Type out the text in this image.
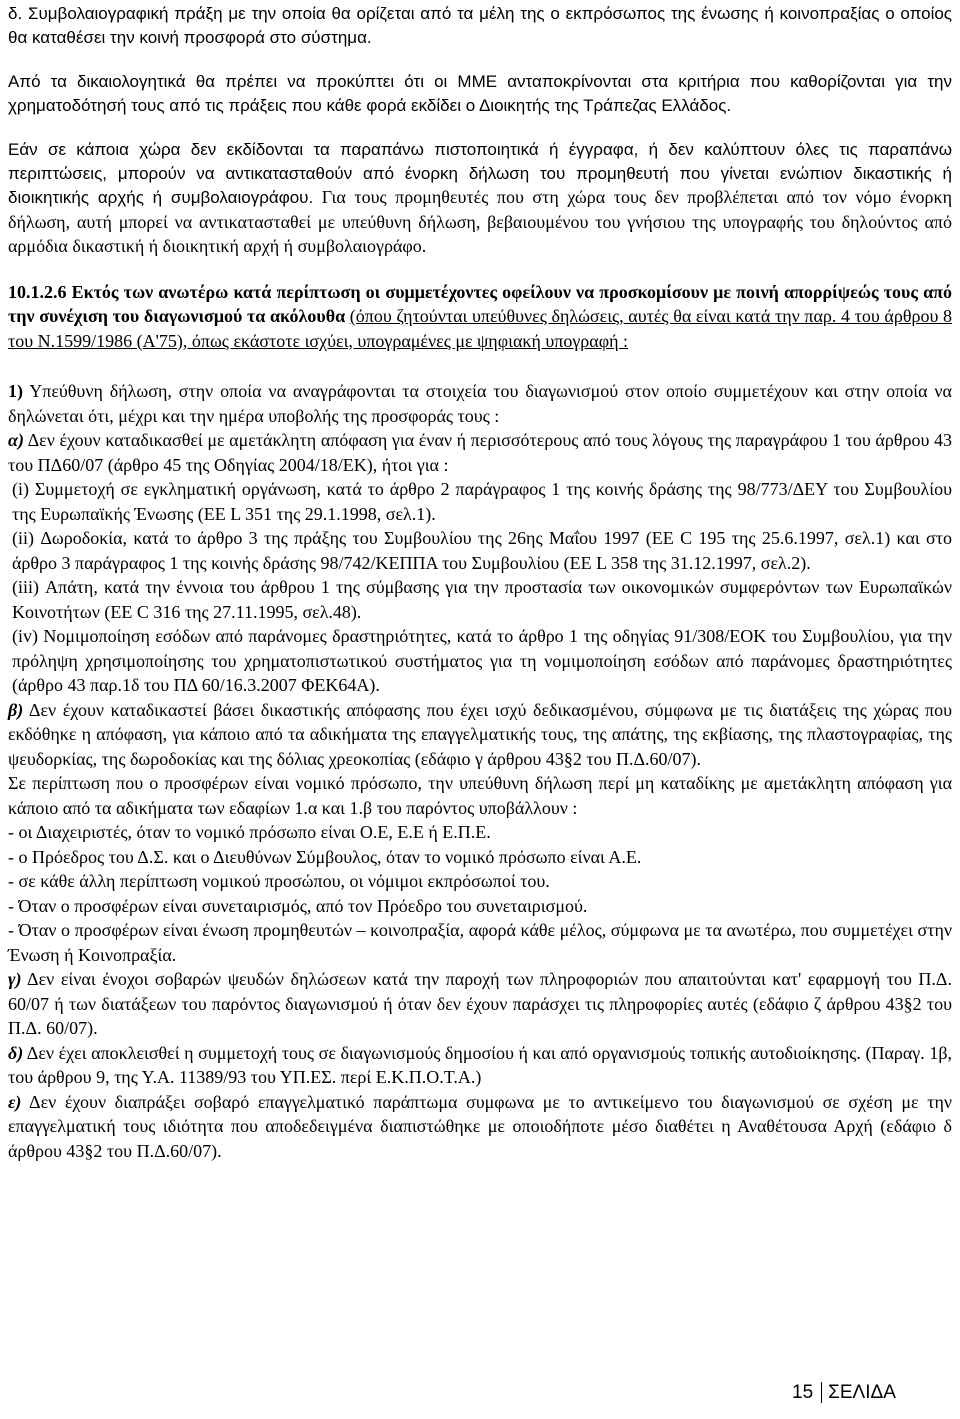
δ. Συμβολαιογραφική πράξη με την οποία θα ορίζεται από τα μέλη της ο εκπρόσωπος της ένωσης ή κοινοπραξίας ο οποίος θα καταθέσει την κοινή προσφορά στο σύστημα.

Από τα δικαιολογητικά θα πρέπει να προκύπτει ότι οι ΜΜΕ ανταποκρίνονται στα κριτήρια που καθορίζονται για την χρηματοδότησή τους από τις πράξεις που κάθε φορά εκδίδει ο Διοικητής της Τράπεζας Ελλάδος.

Εάν σε κάποια χώρα δεν εκδίδονται τα παραπάνω πιστοποιητικά ή έγγραφα, ή δεν καλύπτουν όλες τις παραπάνω περιπτώσεις, μπορούν να αντικατασταθούν από ένορκη δήλωση του προμηθευτή που γίνεται ενώπιον δικαστικής ή διοικητικής αρχής ή συμβολαιογράφου. Για τους προμηθευτές που στη χώρα τους δεν προβλέπεται από τον νόμο ένορκη δήλωση, αυτή μπορεί να αντικατασταθεί με υπεύθυνη δήλωση, βεβαιουμένου του γνήσιου της υπογραφής του δηλούντος από αρμόδια δικαστική ή διοικητική αρχή ή συμβολαιογράφο.

10.1.2.6 Εκτός των ανωτέρω κατά περίπτωση οι συμμετέχοντες οφείλουν να προσκομίσουν με ποινή απορρίψεώς τους από την συνέχιση του διαγωνισμού τα ακόλουθα (όπου ζητούνται υπεύθυνες δηλώσεις, αυτές θα είναι κατά την παρ. 4 του άρθρου 8 του Ν.1599/1986 (Α'75), όπως εκάστοτε ισχύει, υπογραμένες με ψηφιακή υπογραφή :

1) Υπεύθυνη δήλωση, στην οποία να αναγράφονται τα στοιχεία του διαγωνισμού στον οποίο συμμετέχουν και στην οποία να δηλώνεται ότι, μέχρι και την ημέρα υποβολής της προσφοράς τους :

α) Δεν έχουν καταδικασθεί με αμετάκλητη απόφαση για έναν ή περισσότερους από τους λόγους της παραγράφου 1 του άρθρου 43 του ΠΔ60/07 (άρθρο 45 της Οδηγίας 2004/18/ΕΚ), ήτοι για :

(i) Συμμετοχή σε εγκληματική οργάνωση, κατά το άρθρο 2 παράγραφος 1 της κοινής δράσης της 98/773/ΔΕΥ του Συμβουλίου της Ευρωπαϊκής Ένωσης (ΕΕ L 351 της 29.1.1998, σελ.1).

(ii) Δωροδοκία, κατά το άρθρο 3 της πράξης του Συμβουλίου της 26ης Μαΐου 1997 (ΕΕ C 195 της 25.6.1997, σελ.1) και στο άρθρο 3 παράγραφος 1 της κοινής δράσης 98/742/ΚΕΠΠΑ του Συμβουλίου (ΕΕ L 358 της 31.12.1997, σελ.2).

(iii) Απάτη, κατά την έννοια του άρθρου 1 της σύμβασης για την προστασία των οικονομικών συμφερόντων των Ευρωπαϊκών Κοινοτήτων (ΕΕ C 316 της 27.11.1995, σελ.48).

(iv) Νομιμοποίηση εσόδων από παράνομες δραστηριότητες, κατά το άρθρο 1 της οδηγίας 91/308/ΕΟΚ του Συμβουλίου, για την πρόληψη χρησιμοποίησης του χρηματοπιστωτικού συστήματος για τη νομιμοποίηση εσόδων από παράνομες δραστηριότητες (άρθρο 43 παρ.1δ του ΠΔ 60/16.3.2007 ΦΕΚ64Α).

β) Δεν έχουν καταδικαστεί βάσει δικαστικής απόφασης που έχει ισχύ δεδικασμένου, σύμφωνα με τις διατάξεις της χώρας που εκδόθηκε η απόφαση, για κάποιο από τα αδικήματα της επαγγελματικής τους, της απάτης, της εκβίασης, της πλαστογραφίας, της ψευδορκίας, της δωροδοκίας και της δόλιας χρεοκοπίας (εδάφιο γ άρθρου 43§2 του Π.Δ.60/07).

Σε περίπτωση που ο προσφέρων είναι νομικό πρόσωπο, την υπεύθυνη δήλωση περί μη καταδίκης με αμετάκλητη απόφαση για κάποιο από τα αδικήματα των εδαφίων 1.α και 1.β του παρόντος υποβάλλουν :

- οι Διαχειριστές, όταν το νομικό πρόσωπο είναι Ο.Ε, Ε.Ε ή Ε.Π.Ε.

- ο Πρόεδρος του Δ.Σ. και ο Διευθύνων Σύμβουλος, όταν το νομικό πρόσωπο είναι Α.Ε.

- σε κάθε άλλη περίπτωση νομικού προσώπου, οι νόμιμοι εκπρόσωποί του.

- Όταν ο προσφέρων είναι συνεταιρισμός, από τον Πρόεδρο του συνεταιρισμού.

- Όταν ο προσφέρων είναι ένωση προμηθευτών – κοινοπραξία, αφορά κάθε μέλος, σύμφωνα με τα ανωτέρω, που συμμετέχει στην Ένωση ή Κοινοπραξία.

γ) Δεν είναι ένοχοι σοβαρών ψευδών δηλώσεων κατά την παροχή των πληροφοριών που απαιτούνται κατ' εφαρμογή του Π.Δ. 60/07 ή των διατάξεων του παρόντος διαγωνισμού ή όταν δεν έχουν παράσχει τις πληροφορίες αυτές (εδάφιο ζ άρθρου 43§2 του Π.Δ. 60/07).

δ) Δεν έχει αποκλεισθεί η συμμετοχή τους σε διαγωνισμούς δημοσίου ή και από οργανισμούς τοπικής αυτοδιοίκησης. (Παραγ. 1β, του άρθρου 9, της Υ.Α. 11389/93 του ΥΠ.ΕΣ. περί Ε.Κ.Π.Ο.Τ.Α.)

ε) Δεν έχουν διαπράξει σοβαρό επαγγελματικό παράπτωμα συμφωνα με το αντικείμενο του διαγωνισμού σε σχέση με την επαγγελματική τους ιδιότητα που αποδεδειγμένα διαπιστώθηκε με οποιοδήποτε μέσο διαθέτει η Αναθέτουσα Αρχή (εδάφιο δ άρθρου 43§2 του Π.Δ.60/07).

15 ΣΕΛΙΔΑ
